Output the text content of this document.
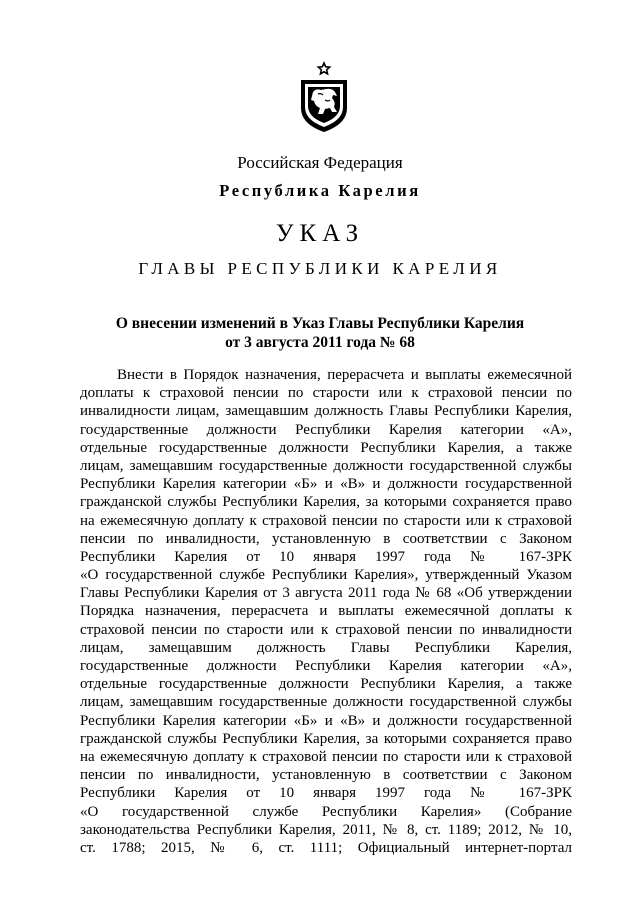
Российская Федерация
Республика Карелия
УКАЗ
ГЛАВЫ РЕСПУБЛИКИ КАРЕЛИЯ
О внесении изменений в Указ Главы Республики Карелия
от 3 августа 2011 года № 68
Внести в Порядок назначения, перерасчета и выплаты ежемесячной
доплаты к страховой пенсии по старости или к страховой пенсии по
инвалидности лицам, замещавшим должность Главы Республики Карелия,
государственные должности Республики Карелия категории «А»,
отдельные государственные должности Республики Карелия, а также
лицам, замещавшим государственные должности государственной службы
Республики Карелия категории «Б» и «В» и должности государственной
гражданской службы Республики Карелия, за которыми сохраняется право
на ежемесячную доплату к страховой пенсии по старости или к страховой
пенсии по инвалидности, установленную в соответствии с Законом
Республики Карелия от 10 января 1997 года № 167-ЗРК
«О государственной службе Республики Карелия», утвержденный Указом
Главы Республики Карелия от 3 августа 2011 года № 68 «Об утверждении
Порядка назначения, перерасчета и выплаты ежемесячной доплаты к
страховой пенсии по старости или к страховой пенсии по инвалидности
лицам, замещавшим должность Главы Республики Карелия,
государственные должности Республики Карелия категории «А»,
отдельные государственные должности Республики Карелия, а также
лицам, замещавшим государственные должности государственной службы
Республики Карелия категории «Б» и «В» и должности государственной
гражданской службы Республики Карелия, за которыми сохраняется право
на ежемесячную доплату к страховой пенсии по старости или к страховой
пенсии по инвалидности, установленную в соответствии с Законом
Республики Карелия от 10 января 1997 года № 167-ЗРК
«О государственной службе Республики Карелия» (Собрание
законодательства Республики Карелия, 2011, № 8, ст. 1189; 2012, № 10,
ст. 1788; 2015, № 6, ст. 1111; Официальный интернет-портал
